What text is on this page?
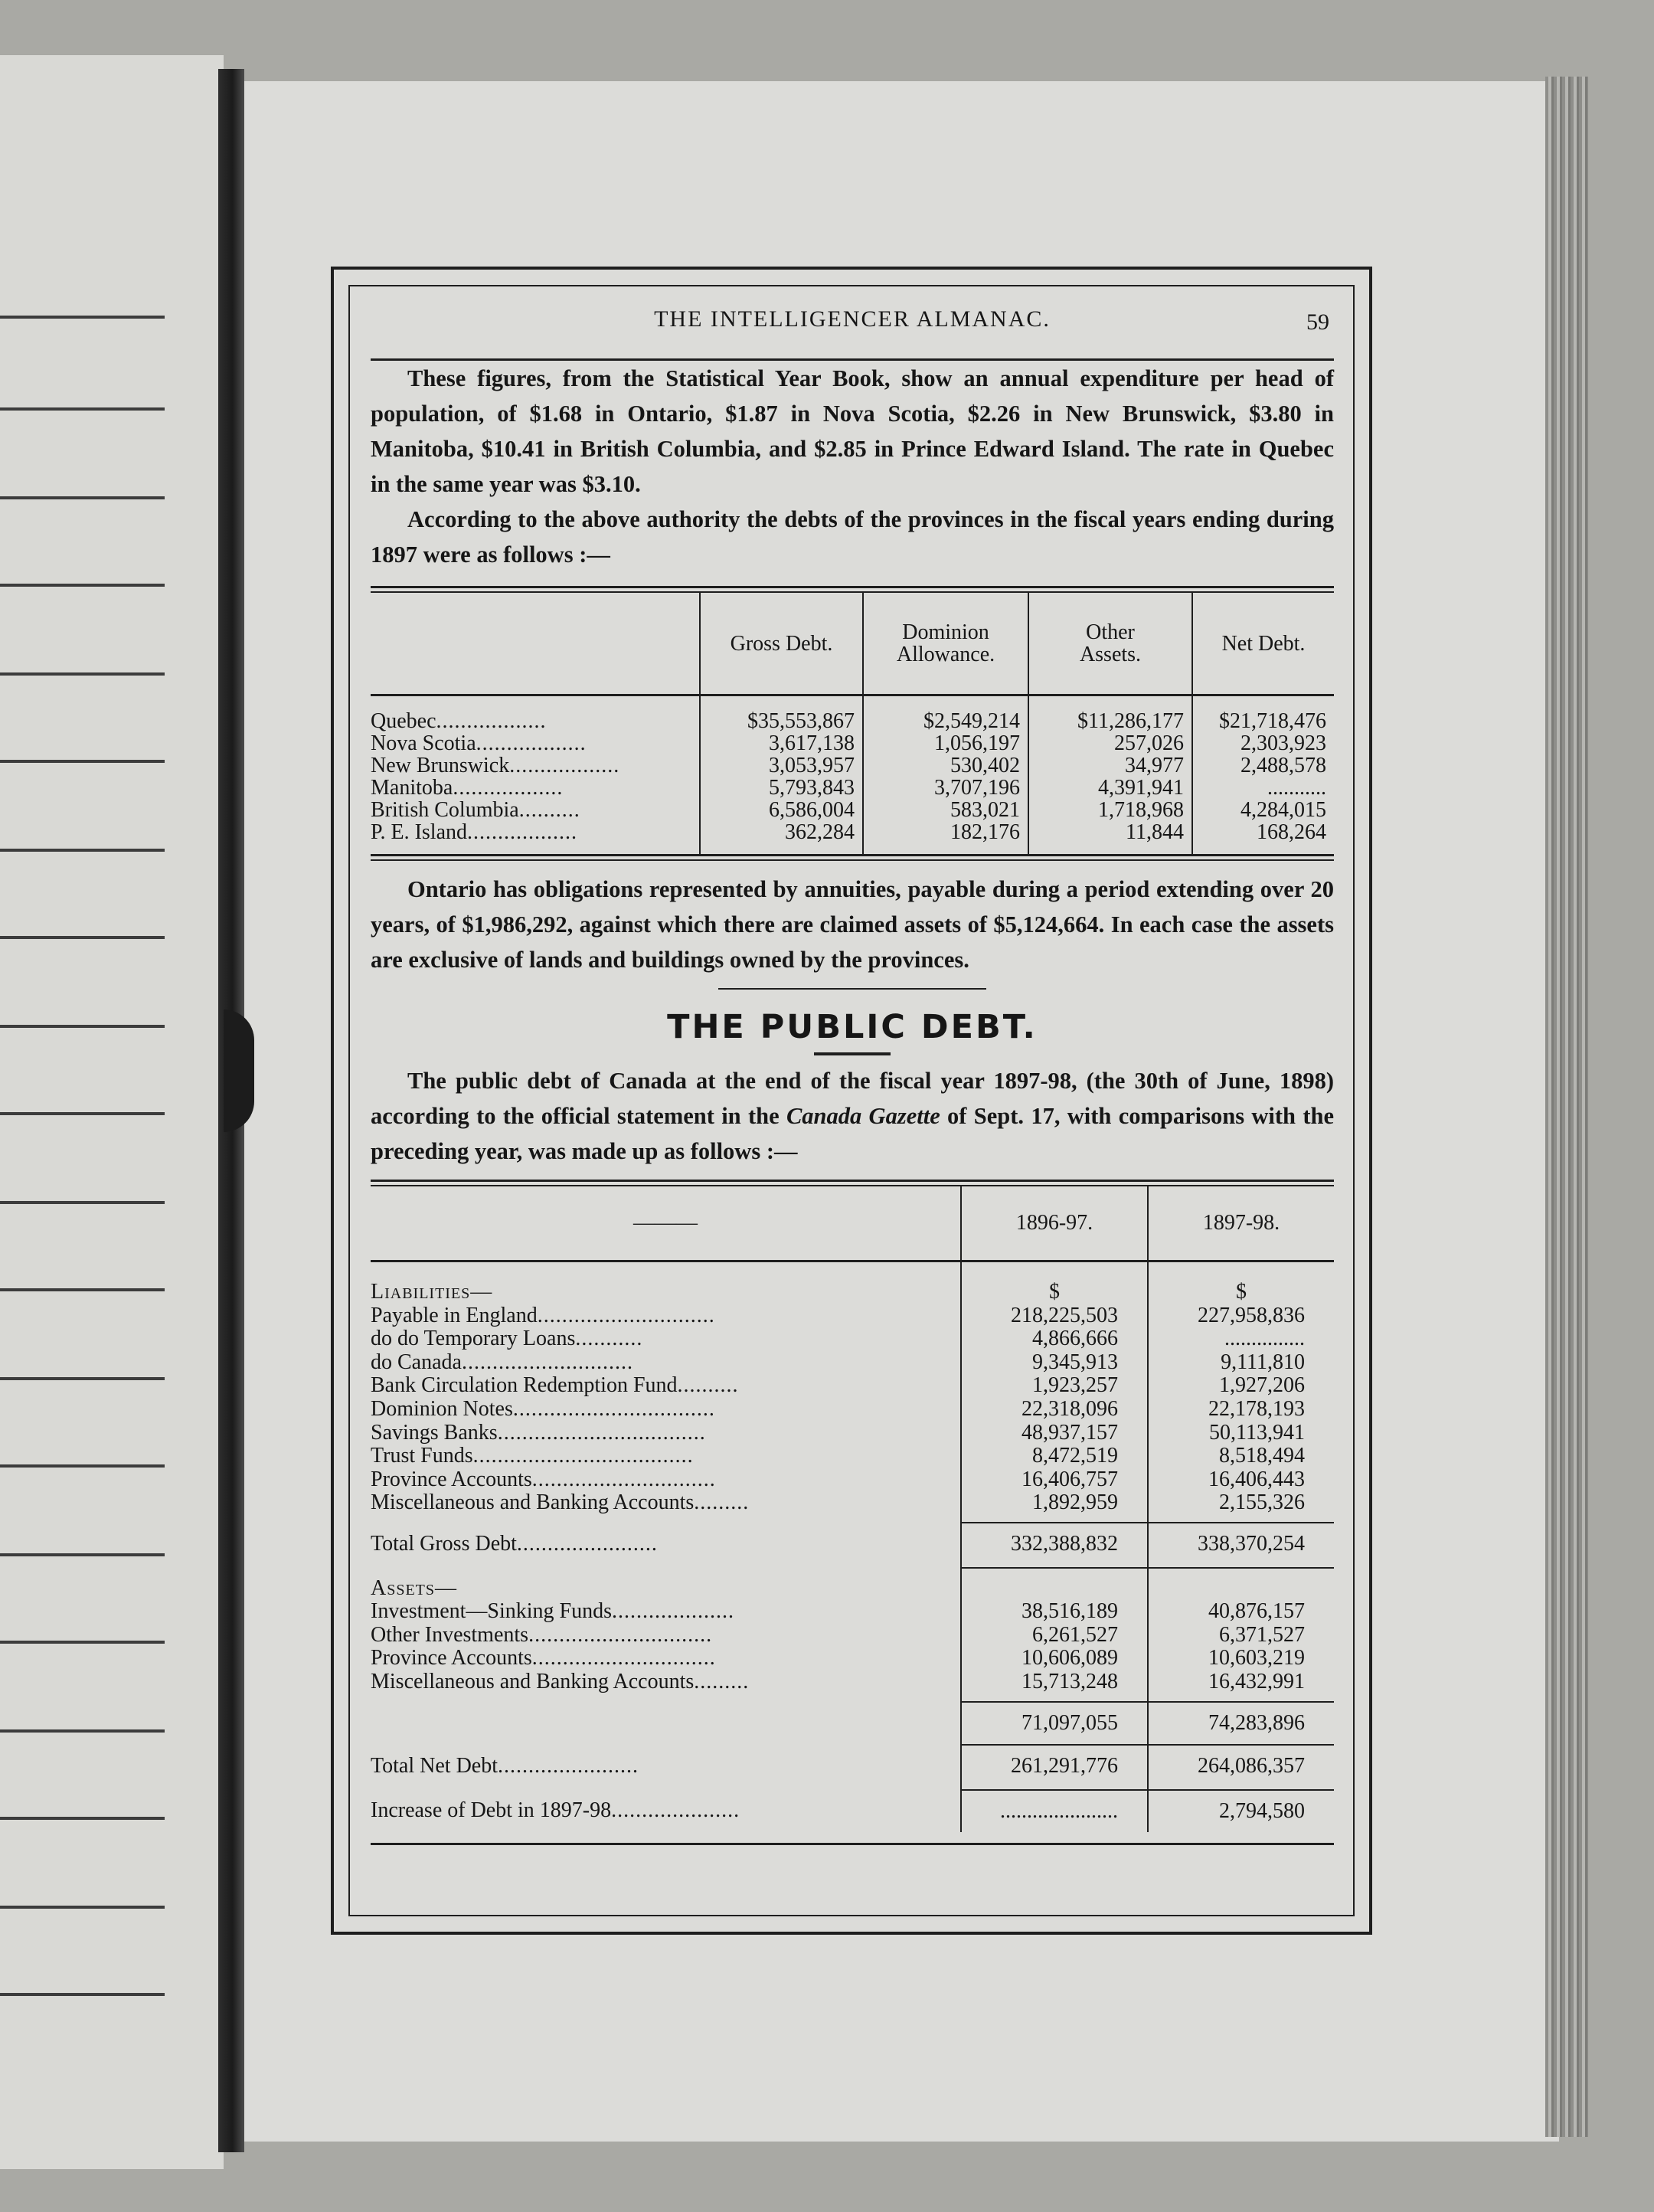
THE INTELLIGENCER ALMANAC.	59

These figures, from the Statistical Year Book, show an annual expenditure per head of population, of $1.68 in Ontario, $1.87 in Nova Scotia, $2.26 in New Brunswick, $3.80 in Manitoba, $10.41 in British Columbia, and $2.85 in Prince Edward Island. The rate in Quebec in the same year was $3.10.

According to the above authority the debts of the provinces in the fiscal years ending during 1897 were as follows :—

	Gross Debt.	Dominion Allowance.	Other Assets.	Net Debt.
Quebec..................	$35,553,867	$2,549,214	$11,286,177	$21,718,476
Nova Scotia..................	3,617,138	1,056,197	257,026	2,303,923
New Brunswick..................	3,053,957	530,402	34,977	2,488,578
Manitoba..................	5,793,843	3,707,196	4,391,941	...........
British Columbia..........	6,586,004	583,021	1,718,968	4,284,015
P. E. Island..................	362,284	182,176	11,844	168,264

Ontario has obligations represented by annuities, payable during a period extending over 20 years, of $1,986,292, against which there are claimed assets of $5,124,664. In each case the assets are exclusive of lands and buildings owned by the provinces.

THE PUBLIC DEBT.

The public debt of Canada at the end of the fiscal year 1897-98, (the 30th of June, 1898) according to the official statement in the Canada Gazette of Sept. 17, with comparisons with the preceding year, was made up as follows :—

———	1896-97.	1897-98.

Liabilities—	$	$
Payable in England.............................	218,225,503	227,958,836
do do Temporary Loans...........	4,866,666	...............
do Canada............................	9,345,913	9,111,810
Bank Circulation Redemption Fund..........	1,923,257	1,927,206
Dominion Notes.................................	22,318,096	22,178,193
Savings Banks..................................	48,937,157	50,113,941
Trust Funds....................................	8,472,519	8,518,494
Province Accounts..............................	16,406,757	16,406,443
Miscellaneous and Banking Accounts.........	1,892,959	2,155,326

Total Gross Debt.......................	332,388,832	338,370,254
Assets—		
Investment—Sinking Funds....................	38,516,189	40,876,157
Other Investments..............................	6,261,527	6,371,527
Province Accounts..............................	10,606,089	10,603,219
Miscellaneous and Banking Accounts.........	15,713,248	16,432,991

	71,097,055	74,283,896
Total Net Debt.......................	261,291,776	264,086,357
Increase of Debt in 1897-98.....................	......................	2,794,580
